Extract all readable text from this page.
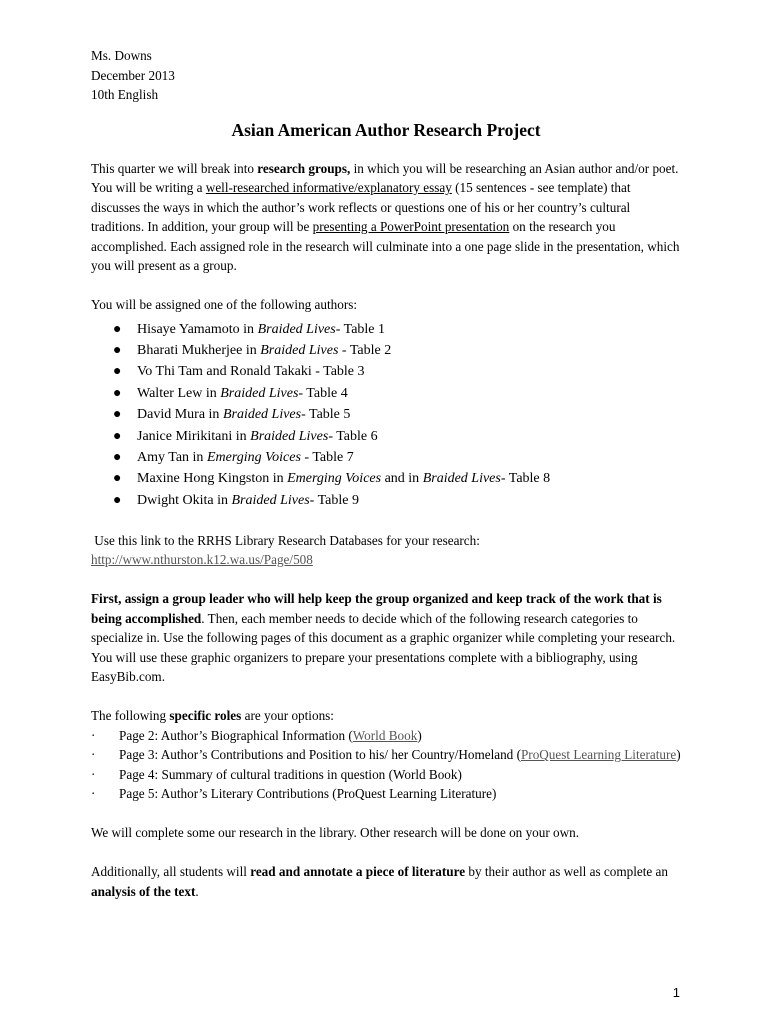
Ms. Downs

December 2013

10th English

Asian American Author Research Project

This quarter we will break into research groups, in which you will be researching an Asian author and/or poet. You will be writing a well-researched informative/explanatory essay (15 sentences - see template) that discusses the ways in which the author’s work reflects or questions one of his or her country’s cultural traditions. In addition, your group will be presenting a PowerPoint presentation on the research you accomplished. Each assigned role in the research will culminate into a one page slide in the presentation, which you will present as a group.

You will be assigned one of the following authors:

● Hisaye Yamamoto in Braided Lives- Table 1
● Bharati Mukherjee in Braided Lives - Table 2
● Vo Thi Tam and Ronald Takaki - Table 3
● Walter Lew in Braided Lives- Table 4
● David Mura in Braided Lives- Table 5
● Janice Mirikitani in Braided Lives- Table 6
● Amy Tan in Emerging Voices - Table 7
● Maxine Hong Kingston in Emerging Voices and in Braided Lives- Table 8
● Dwight Okita in Braided Lives- Table 9

Use this link to the RRHS Library Research Databases for your research:

http://www.nthurston.k12.wa.us/Page/508

First, assign a group leader who will help keep the group organized and keep track of the work that is being accomplished. Then, each member needs to decide which of the following research categories to specialize in. Use the following pages of this document as a graphic organizer while completing your research. You will use these graphic organizers to prepare your presentations complete with a bibliography, using EasyBib.com.

The following specific roles are your options:

· Page 2: Author’s Biographical Information (World Book)
· Page 3: Author’s Contributions and Position to his/ her Country/Homeland (ProQuest Learning Literature)
· Page 4: Summary of cultural traditions in question (World Book)
· Page 5: Author’s Literary Contributions (ProQuest Learning Literature)

We will complete some our research in the library. Other research will be done on your own.

Additionally, all students will read and annotate a piece of literature by their author as well as complete an analysis of the text.

1
